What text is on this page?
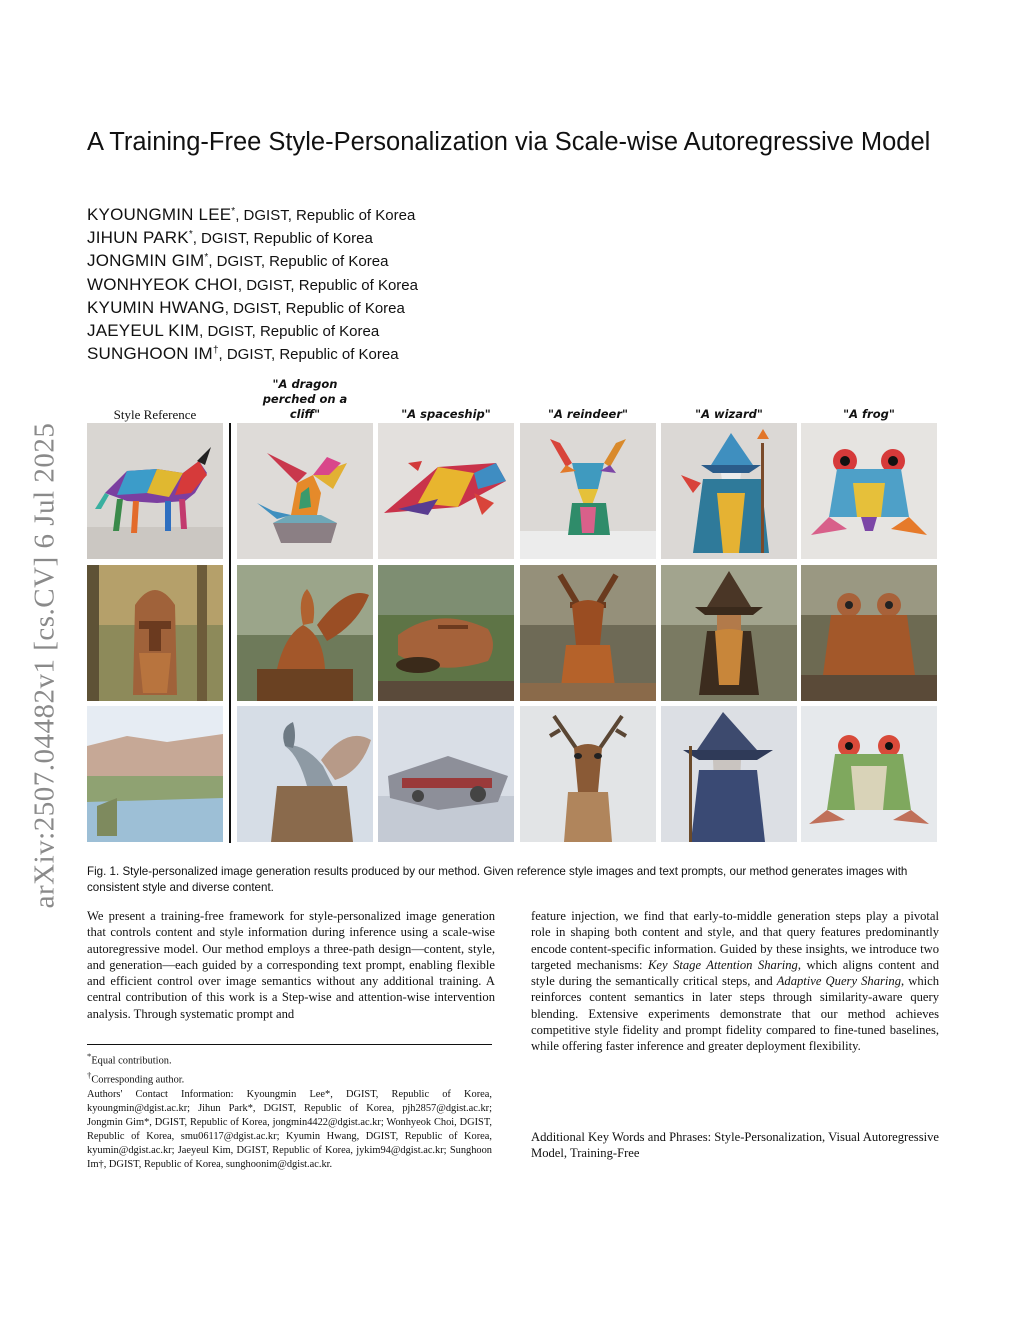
arXiv:2507.04482v1 [cs.CV] 6 Jul 2025
A Training-Free Style-Personalization via Scale-wise Autoregressive Model
KYOUNGMIN LEE*, DGIST, Republic of Korea
JIHUN PARK*, DGIST, Republic of Korea
JONGMIN GIM*, DGIST, Republic of Korea
WONHYEOK CHOI, DGIST, Republic of Korea
KYUMIN HWANG, DGIST, Republic of Korea
JAEYEUL KIM, DGIST, Republic of Korea
SUNGHOON IM†, DGIST, Republic of Korea
Style Reference
"A dragon perched on a cliff"	"A spaceship"	"A reindeer"	"A wizard"	"A frog"
Fig. 1. Style-personalized image generation results produced by our method. Given reference style images and text prompts, our method generates images with consistent style and diverse content.
We present a training-free framework for style-personalized image generation that controls content and style information during inference using a scale-wise autoregressive model. Our method employs a three-path design—content, style, and generation—each guided by a corresponding text prompt, enabling flexible and efficient control over image semantics without any additional training. A central contribution of this work is a Step-wise and attention-wise intervention analysis. Through systematic prompt and
feature injection, we find that early-to-middle generation steps play a pivotal role in shaping both content and style, and that query features predominantly encode content-specific information. Guided by these insights, we introduce two targeted mechanisms: Key Stage Attention Sharing, which aligns content and style during the semantically critical steps, and Adaptive Query Sharing, which reinforces content semantics in later steps through similarity-aware query blending. Extensive experiments demonstrate that our method achieves competitive style fidelity and prompt fidelity compared to fine-tuned baselines, while offering faster inference and greater deployment flexibility.

*Equal contribution.

†Corresponding author.

Authors' Contact Information: Kyoungmin Lee*, DGIST, Republic of Korea, kyoungmin@dgist.ac.kr; Jihun Park*, DGIST, Republic of Korea, pjh2857@dgist.ac.kr; Jongmin Gim*, DGIST, Republic of Korea, jongmin4422@dgist.ac.kr; Wonhyeok Choi, DGIST, Republic of Korea, smu06117@dgist.ac.kr; Kyumin Hwang, DGIST, Republic of Korea, kyumin@dgist.ac.kr; Jaeyeul Kim, DGIST, Republic of Korea, jykim94@dgist.ac.kr; Sunghoon Im†, DGIST, Republic of Korea, sunghoonim@dgist.ac.kr.

Additional Key Words and Phrases: Style-Personalization, Visual Autoregressive Model, Training-Free
